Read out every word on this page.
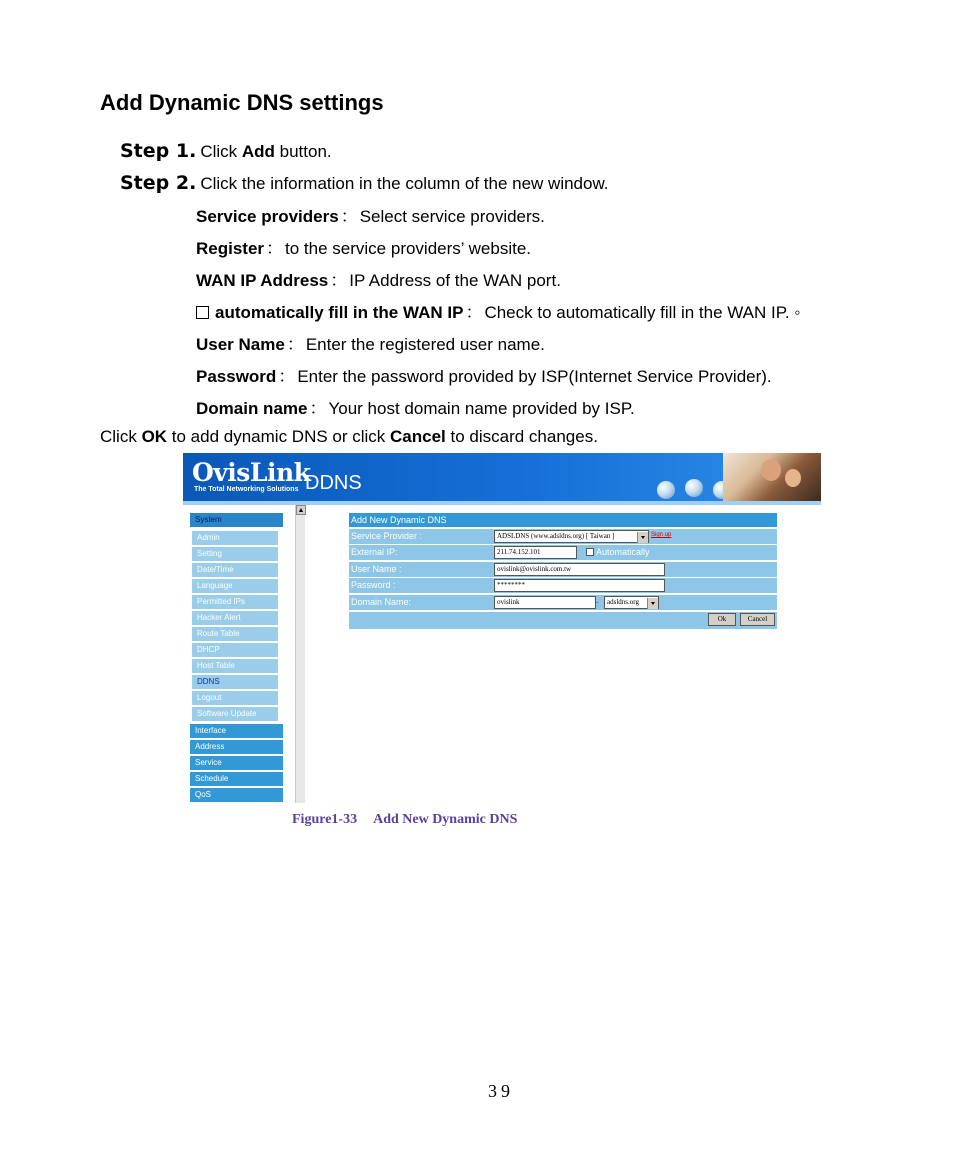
Add Dynamic DNS settings
Step 1. Click Add button.
Step 2. Click the information in the column of the new window.
Service providers ： Select service providers.
Register ： to the service providers’ website.
WAN IP Address ： IP Address of the WAN port.
automatically fill in the WAN IP ： Check to automatically fill in the WAN IP. ◦
User Name ： Enter the registered user name.
Password ： Enter the password provided by ISP(Internet Service Provider).
Domain name ： Your host domain name provided by ISP.
Click OK to add dynamic DNS or click Cancel to discard changes.
OvisLink
The Total Networking Solutions DDNS
System
Admin
Setting
Date/Time
Language
Permitted IPs
Hacker Alert
Route Table
DHCP
Host Table
DDNS
Logout
Software Update
Interface
Address
Service
Schedule
QoS
Add New Dynamic DNS
Service Provider :	ADSLDNS (www.adsldns.org) [ Taiwan ]	Sign up
External IP:	211.74.152.101	Automatically
User Name :	ovislink@ovislink.com.tw
Password :	********
Domain Name:	ovislink	.	adsldns.org
Ok	Cancel
Figure1-33 Add New Dynamic DNS
39
